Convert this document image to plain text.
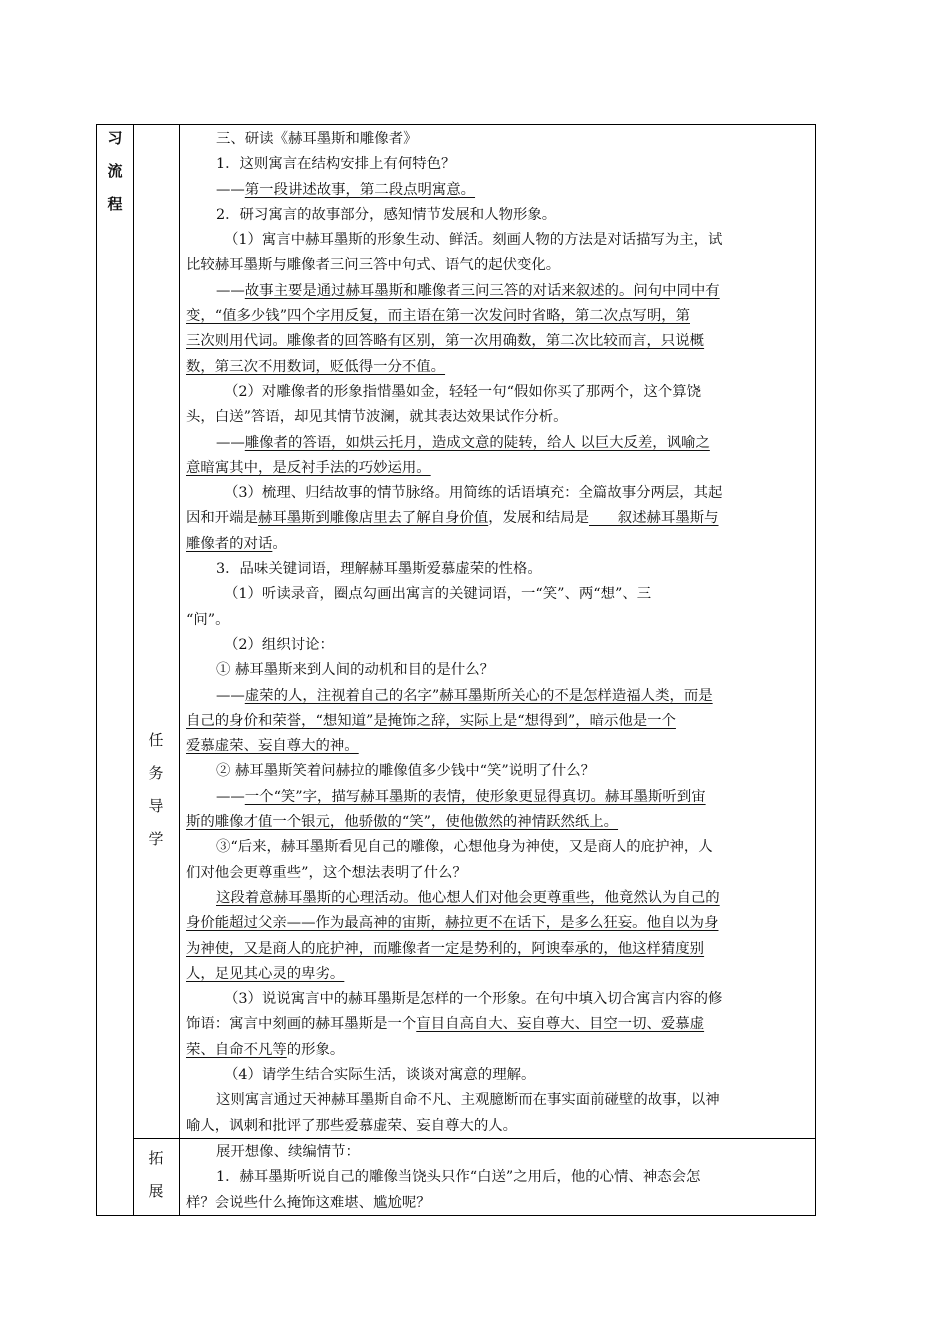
习
流
程
任
务
导
学
拓
展
三、研读《赫耳墨斯和雕像者》
1．这则寓言在结构安排上有何特色？
——第一段讲述故事，第二段点明寓意。
2．研习寓言的故事部分，感知情节发展和人物形象。
（1）寓言中赫耳墨斯的形象生动、鲜活。刻画人物的方法是对话描写为主，试
比较赫耳墨斯与雕像者三问三答中句式、语气的起伏变化。
——故事主要是通过赫耳墨斯和雕像者三问三答的对话来叙述的。问句中同中有
变，“值多少钱”四个字用反复，而主语在第一次发问时省略，第二次点写明，第
三次则用代词。雕像者的回答略有区别，第一次用确数，第二次比较而言，只说概
数，第三次不用数词，贬低得一分不值。
（2）对雕像者的形象指惜墨如金，轻轻一句“假如你买了那两个，这个算饶
头，白送”答语，却见其情节波澜，就其表达效果试作分析。
——雕像者的答语，如烘云托月，造成文意的陡转，给人 以巨大反差，讽喻之
意暗寓其中，是反衬手法的巧妙运用。
（3）梳理、归结故事的情节脉络。用简练的话语填充：全篇故事分两层，其起
因和开端是赫耳墨斯到雕像店里去了解自身价值，发展和结局是　　叙述赫耳墨斯与
雕像者的对话。
3．品味关键词语，理解赫耳墨斯爱慕虚荣的性格。
（1）听读录音，圈点勾画出寓言的关键词语，一“笑”、两“想”、三
“问”。
（2）组织讨论：
① 赫耳墨斯来到人间的动机和目的是什么？
——虚荣的人，注视着自己的名字”赫耳墨斯所关心的不是怎样造福人类，而是
自己的身价和荣誉，“想知道”是掩饰之辞，实际上是“想得到”，暗示他是一个
爱慕虚荣、妄自尊大的神。
② 赫耳墨斯笑着问赫拉的雕像值多少钱中“笑”说明了什么？
——一个“笑”字，描写赫耳墨斯的表情，使形象更显得真切。赫耳墨斯听到宙
斯的雕像才值一个银元，他骄傲的“笑”，使他傲然的神情跃然纸上。
③“后来，赫耳墨斯看见自己的雕像，心想他身为神使，又是商人的庇护神，人
们对他会更尊重些”，这个想法表明了什么？
这段着意赫耳墨斯的心理活动。他心想人们对他会更尊重些，他竟然认为自己的
身价能超过父亲——作为最高神的宙斯，赫拉更不在话下，是多么狂妄。他自以为身
为神使，又是商人的庇护神，而雕像者一定是势利的，阿谀奉承的，他这样猜度别
人，足见其心灵的卑劣。
（3）说说寓言中的赫耳墨斯是怎样的一个形象。在句中填入切合寓言内容的修
饰语：寓言中刻画的赫耳墨斯是一个盲目自高自大、妄自尊大、目空一切、爱慕虚
荣、自命不凡等的形象。
（4）请学生结合实际生活，谈谈对寓意的理解。
这则寓言通过天神赫耳墨斯自命不凡、主观臆断而在事实面前碰壁的故事，以神
喻人，讽刺和批评了那些爱慕虚荣、妄自尊大的人。
展开想像、续编情节：
1．赫耳墨斯听说自己的雕像当饶头只作“白送”之用后，他的心情、神态会怎
样？会说些什么掩饰这难堪、尴尬呢？
